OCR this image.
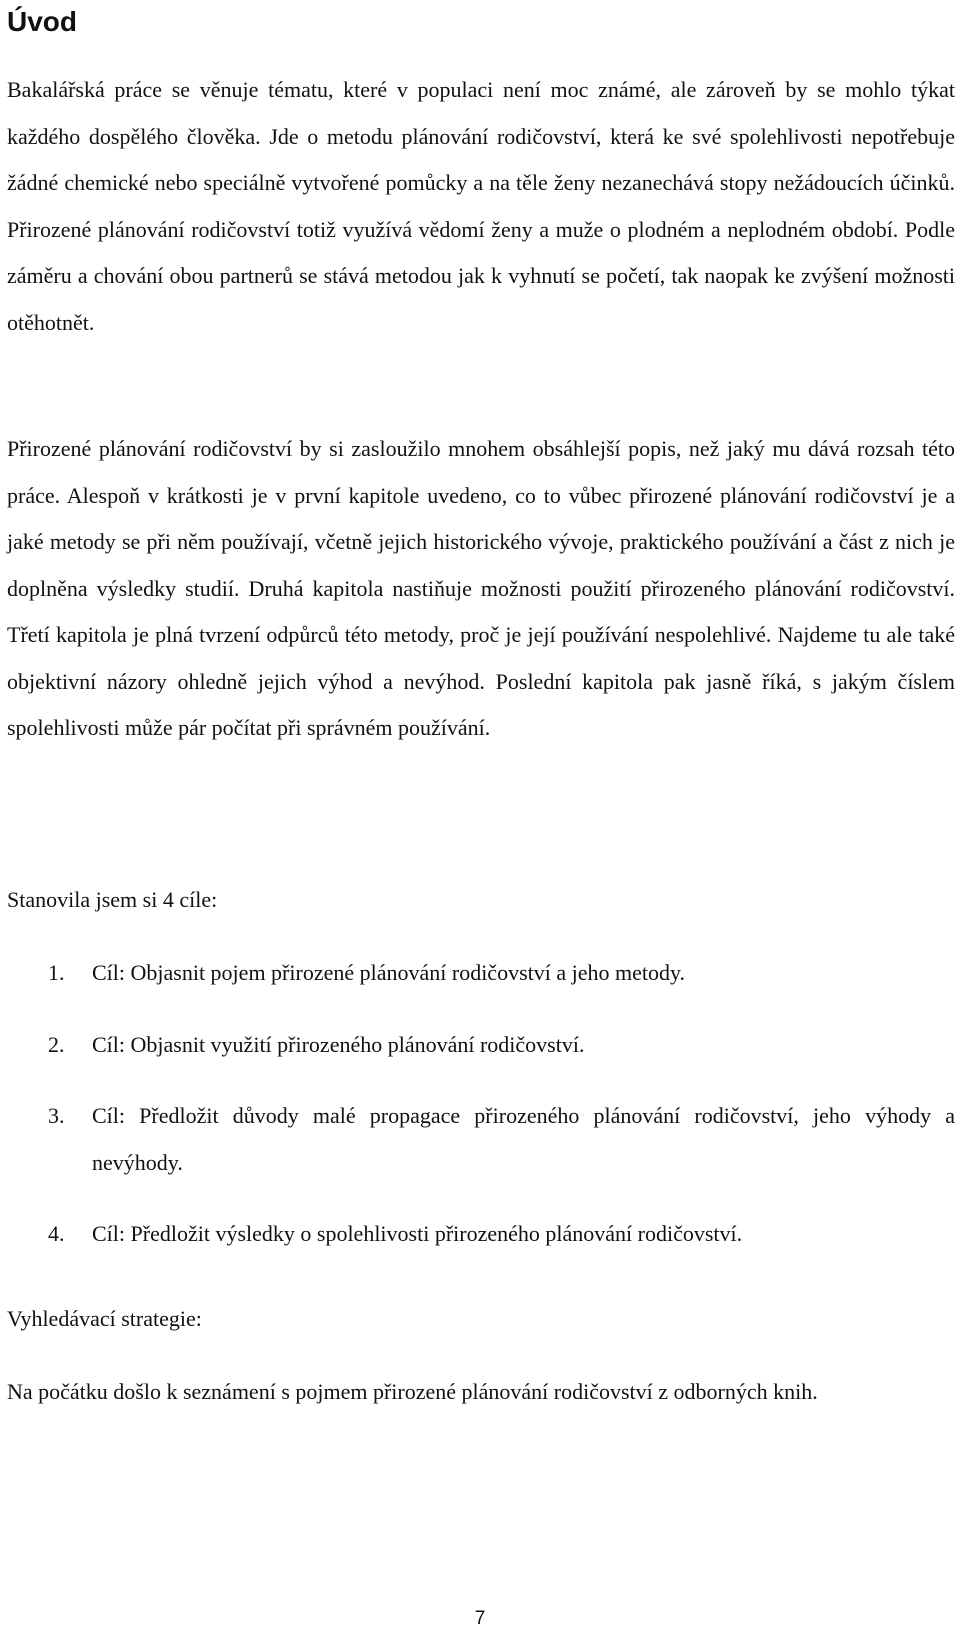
Úvod

Bakalářská práce se věnuje tématu, které v populaci není moc známé, ale zároveň by se mohlo týkat každého dospělého člověka. Jde o metodu plánování rodičovství, která ke své spolehlivosti nepotřebuje žádné chemické nebo speciálně vytvořené pomůcky a na těle ženy nezanechává stopy nežádoucích účinků. Přirozené plánování rodičovství totiž využívá vědomí ženy a muže o plodném a neplodném období. Podle záměru a chování obou partnerů se stává metodou jak k vyhnutí se početí, tak naopak ke zvýšení možnosti otěhotnět.

Přirozené plánování rodičovství by si zasloužilo mnohem obsáhlejší popis, než jaký mu dává rozsah této práce. Alespoň v krátkosti je v první kapitole uvedeno, co to vůbec přirozené plánování rodičovství je a jaké metody se při něm používají, včetně jejich historického vývoje, praktického používání a část z nich je doplněna výsledky studií. Druhá kapitola nastiňuje možnosti použití přirozeného plánování rodičovství. Třetí kapitola je plná tvrzení odpůrců této metody, proč je její používání nespolehlivé. Najdeme tu ale také objektivní názory ohledně jejich výhod a nevýhod. Poslední kapitola pak jasně říká, s jakým číslem spolehlivosti může pár počítat při správném používání.

Stanovila jsem si 4 cíle:

1.	Cíl: Objasnit pojem přirozené plánování rodičovství a jeho metody.
2.	Cíl: Objasnit využití přirozeného plánování rodičovství.
3.	Cíl: Předložit důvody malé propagace přirozeného plánování rodičovství, jeho výhody a nevýhody.
4.	Cíl: Předložit výsledky o spolehlivosti přirozeného plánování rodičovství.

Vyhledávací strategie:

Na počátku došlo k seznámení s pojmem přirozené plánování rodičovství z odborných knih.

7
